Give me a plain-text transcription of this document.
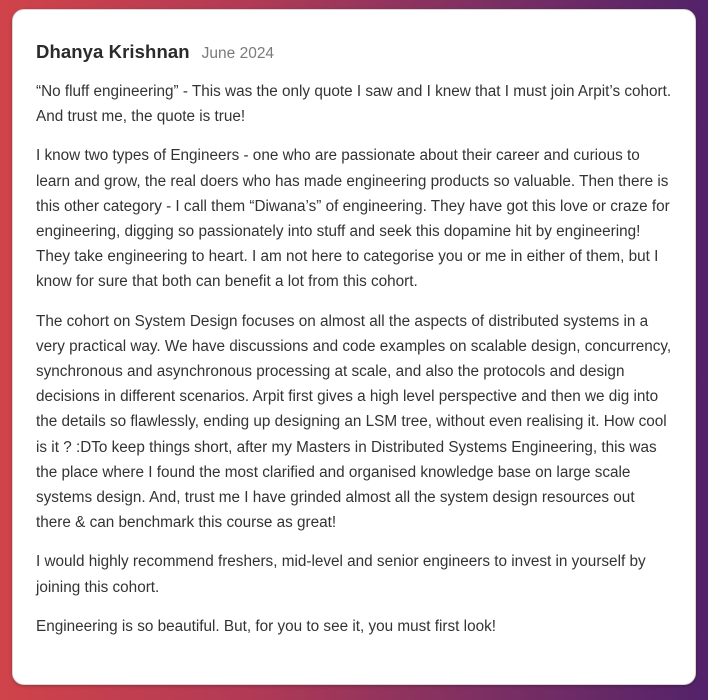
Dhanya Krishnan June 2024

“No fluff engineering” - This was the only quote I saw and I knew that I must join Arpit’s cohort. And trust me, the quote is true!

I know two types of Engineers - one who are passionate about their career and curious to learn and grow, the real doers who has made engineering products so valuable. Then there is this other category - I call them “Diwana’s” of engineering. They have got this love or craze for engineering, digging so passionately into stuff and seek this dopamine hit by engineering! They take engineering to heart. I am not here to categorise you or me in either of them, but I know for sure that both can benefit a lot from this cohort.

The cohort on System Design focuses on almost all the aspects of distributed systems in a very practical way. We have discussions and code examples on scalable design, concurrency, synchronous and asynchronous processing at scale, and also the protocols and design decisions in different scenarios. Arpit first gives a high level perspective and then we dig into the details so flawlessly, ending up designing an LSM tree, without even realising it. How cool is it ? :DTo keep things short, after my Masters in Distributed Systems Engineering, this was the place where I found the most clarified and organised knowledge base on large scale systems design. And, trust me I have grinded almost all the system design resources out there & can benchmark this course as great!

I would highly recommend freshers, mid-level and senior engineers to invest in yourself by joining this cohort.

Engineering is so beautiful. But, for you to see it, you must first look!
